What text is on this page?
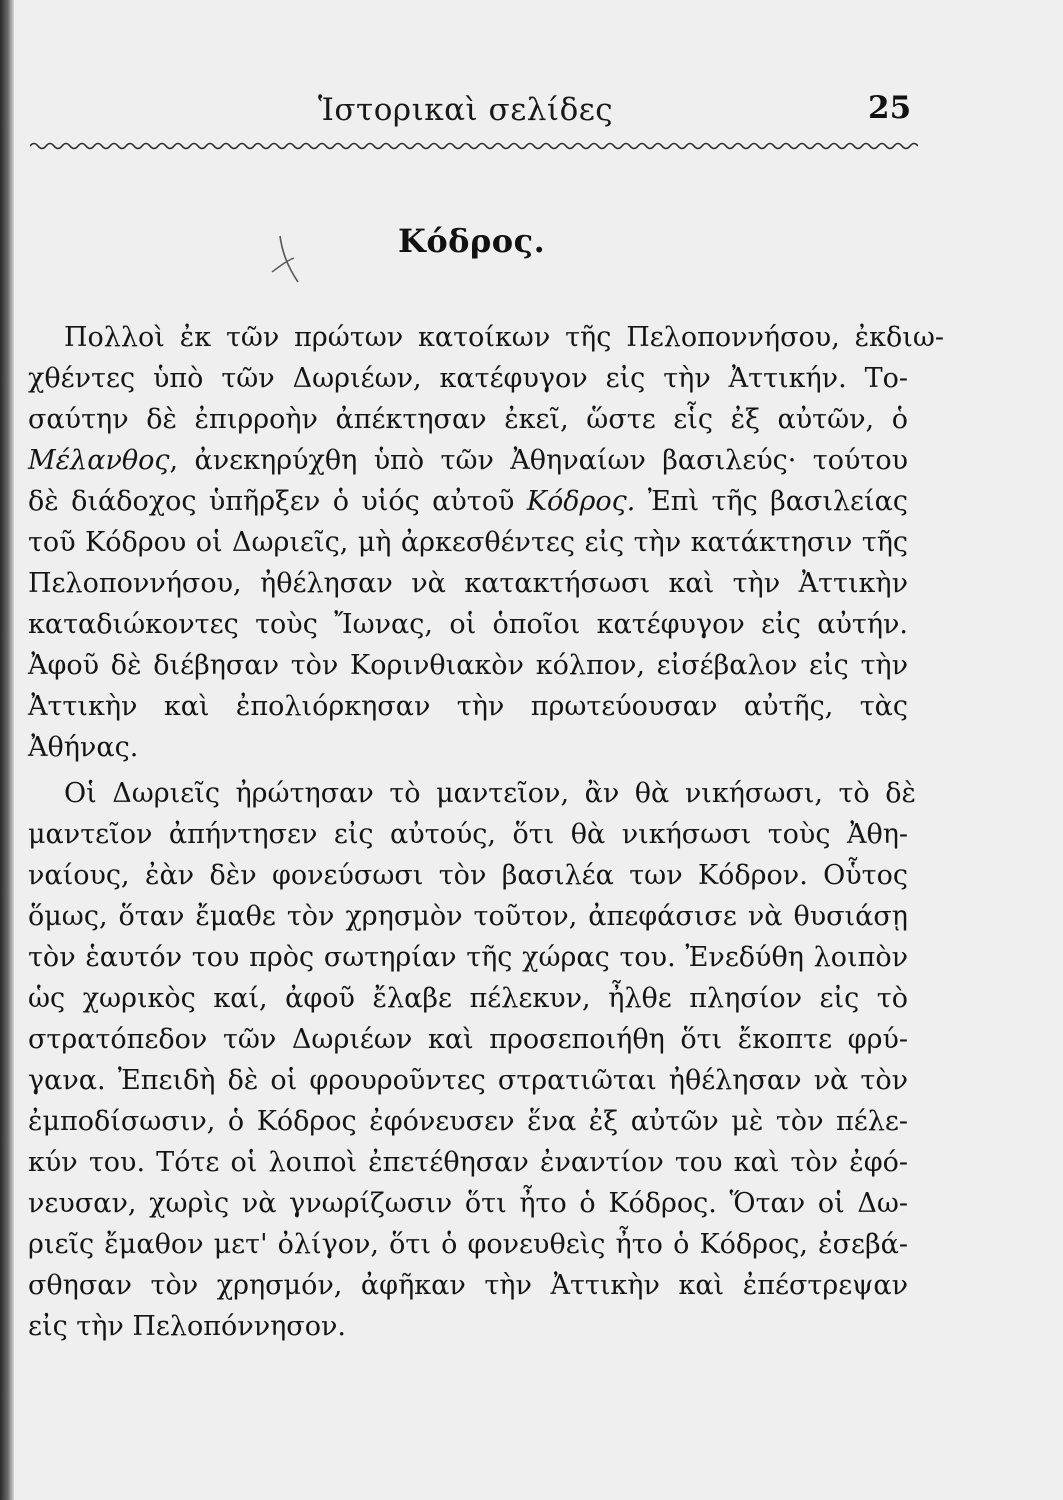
Ἱστορικαὶ σελίδες	25
Κόδρος.
Πολλοὶ ἐκ τῶν πρώτων κατοίκων τῆς Πελοποννήσου, ἐκδιω-
χθέντες ὑπὸ τῶν Δωριέων, κατέφυγον εἰς τὴν Ἀττικήν. Το-
σαύτην δὲ ἐπιρροὴν ἀπέκτησαν ἐκεῖ, ὥστε εἷς ἐξ αὐτῶν, ὁ
Μέλανθος, ἀνεκηρύχθη ὑπὸ τῶν Ἀθηναίων βασιλεύς· τούτου
δὲ διάδοχος ὑπῆρξεν ὁ υἱός αὐτοῦ Κόδρος. Ἐπὶ τῆς βασιλείας
τοῦ Κόδρου οἱ Δωριεῖς, μὴ ἀρκεσθέντες εἰς τὴν κατάκτησιν τῆς
Πελοποννήσου, ἠθέλησαν νὰ κατακτήσωσι καὶ τὴν Ἀττικὴν
καταδιώκοντες τοὺς Ἴωνας, οἱ ὁποῖοι κατέφυγον εἰς αὐτήν.
Ἀφοῦ δὲ διέβησαν τὸν Κορινθιακὸν κόλπον, εἰσέβαλον εἰς τὴν
Ἀττικὴν καὶ ἐπολιόρκησαν τὴν πρωτεύουσαν αὐτῆς, τὰς
Ἀθήνας.
Οἱ Δωριεῖς ἠρώτησαν τὸ μαντεῖον, ἂν θὰ νικήσωσι, τὸ δὲ
μαντεῖον ἀπήντησεν εἰς αὐτούς, ὅτι θὰ νικήσωσι τοὺς Ἀθη-
ναίους, ἐὰν δὲν φονεύσωσι τὸν βασιλέα των Κόδρον. Οὗτος
ὅμως, ὅταν ἔμαθε τὸν χρησμὸν τοῦτον, ἀπεφάσισε νὰ θυσιάσῃ
τὸν ἑαυτόν του πρὸς σωτηρίαν τῆς χώρας του. Ἐνεδύθη λοιπὸν
ὡς χωρικὸς καί, ἀφοῦ ἔλαβε πέλεκυν, ἦλθε πλησίον εἰς τὸ
στρατόπεδον τῶν Δωριέων καὶ προσεποιήθη ὅτι ἔκοπτε φρύ-
γανα. Ἐπειδὴ δὲ οἱ φρουροῦντες στρατιῶται ἠθέλησαν νὰ τὸν
ἐμποδίσωσιν, ὁ Κόδρος ἐφόνευσεν ἕνα ἐξ αὐτῶν μὲ τὸν πέλε-
κύν του. Τότε οἱ λοιποὶ ἐπετέθησαν ἐναντίον του καὶ τὸν ἐφό-
νευσαν, χωρὶς νὰ γνωρίζωσιν ὅτι ἦτο ὁ Κόδρος. Ὅταν οἱ Δω-
ριεῖς ἔμαθον μετ' ὀλίγον, ὅτι ὁ φονευθεὶς ἦτο ὁ Κόδρος, ἐσεβά-
σθησαν τὸν χρησμόν, ἀφῆκαν τὴν Ἀττικὴν καὶ ἐπέστρεψαν
εἰς τὴν Πελοπόννησον.
